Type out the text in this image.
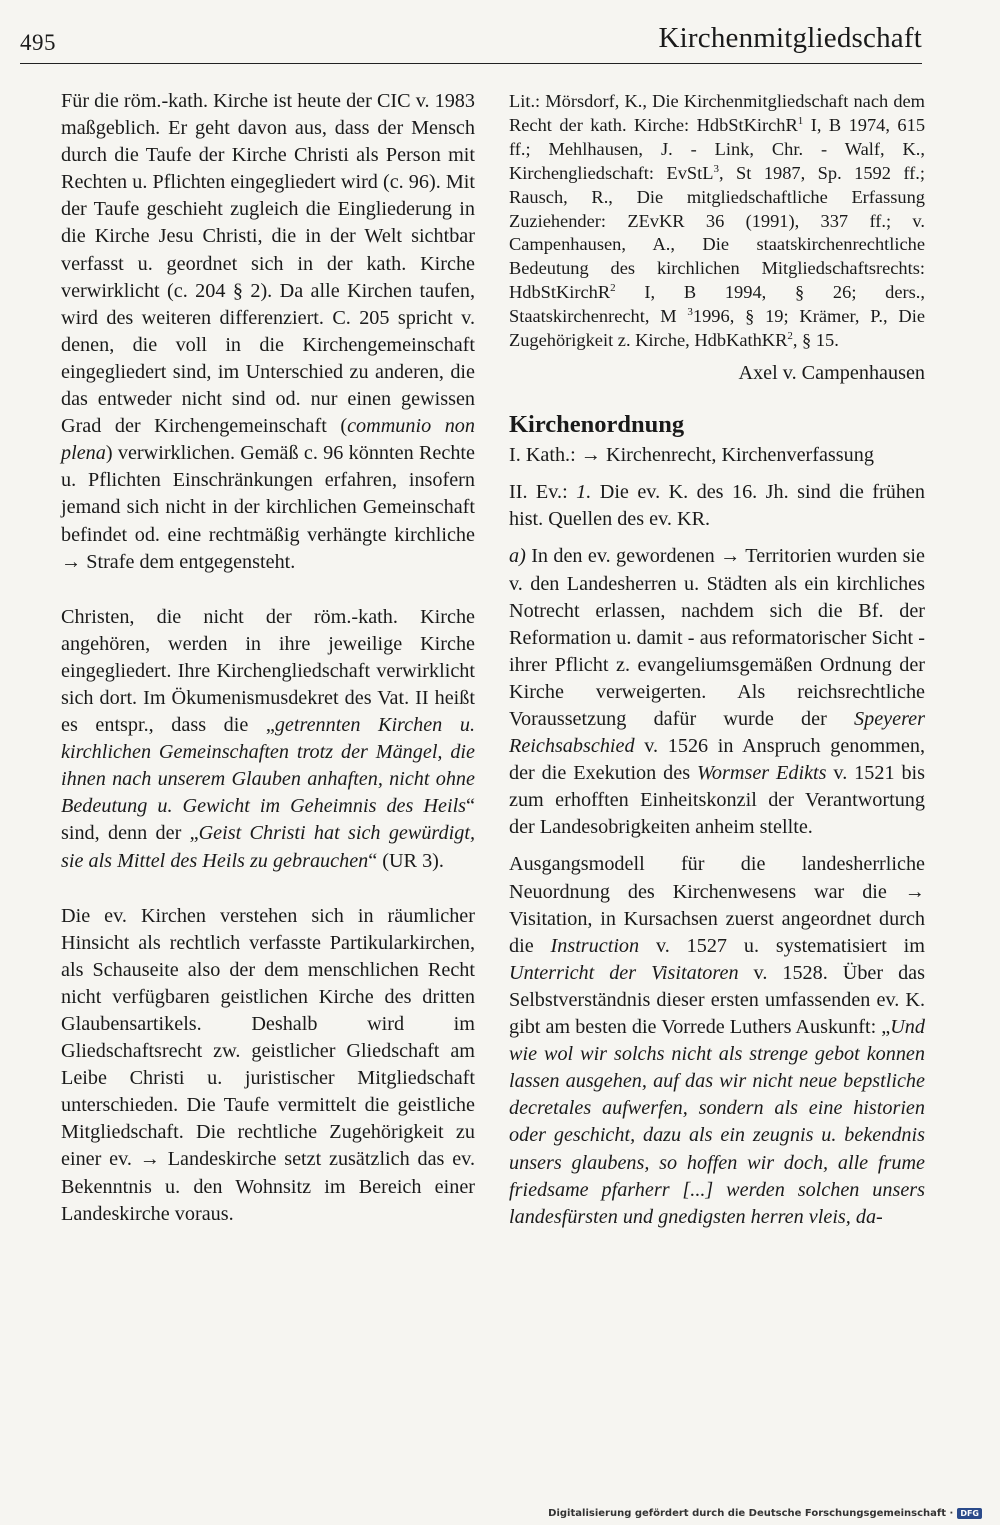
495	Kirchenmitgliedschaft

Für die röm.-kath. Kirche ist heute der CIC v. 1983 maßgeblich. Er geht davon aus, dass der Mensch durch die Taufe der Kirche Christi als Person mit Rechten u. Pflichten eingegliedert wird (c. 96). Mit der Taufe geschieht zugleich die Eingliederung in die Kirche Jesu Christi, die in der Welt sichtbar verfasst u. geordnet sich in der kath. Kirche verwirklicht (c. 204 § 2). Da alle Kirchen taufen, wird des weiteren differenziert. C. 205 spricht v. denen, die voll in die Kirchengemeinschaft eingegliedert sind, im Unterschied zu anderen, die das entweder nicht sind od. nur einen gewissen Grad der Kirchengemeinschaft (communio non plena) verwirklichen. Gemäß c. 96 könnten Rechte u. Pflichten Einschränkungen erfahren, insofern jemand sich nicht in der kirchlichen Gemeinschaft befindet od. eine rechtmäßig verhängte kirchliche → Strafe dem entgegensteht.

Christen, die nicht der röm.-kath. Kirche angehören, werden in ihre jeweilige Kirche eingegliedert. Ihre Kirchengliedschaft verwirklicht sich dort. Im Ökumenismusdekret des Vat. II heißt es entspr., dass die „getrennten Kirchen u. kirchlichen Gemeinschaften trotz der Mängel, die ihnen nach unserem Glauben anhaften, nicht ohne Bedeutung u. Gewicht im Geheimnis des Heils“ sind, denn der „Geist Christi hat sich gewürdigt, sie als Mittel des Heils zu gebrauchen“ (UR 3).

Die ev. Kirchen verstehen sich in räumlicher Hinsicht als rechtlich verfasste Partikularkirchen, als Schauseite also der dem menschlichen Recht nicht verfügbaren geistlichen Kirche des dritten Glaubensartikels. Deshalb wird im Gliedschaftsrecht zw. geistlicher Gliedschaft am Leibe Christi u. juristischer Mitgliedschaft unterschieden. Die Taufe vermittelt die geistliche Mitgliedschaft. Die rechtliche Zugehörigkeit zu einer ev. → Landeskirche setzt zusätzlich das ev. Bekenntnis u. den Wohnsitz im Bereich einer Landeskirche voraus.

Lit.: Mörsdorf, K., Die Kirchenmitgliedschaft nach dem Recht der kath. Kirche: HdbStKirchR$^1$ I, B 1974, 615 ff.; Mehlhausen, J. - Link, Chr. - Walf, K., Kirchengliedschaft: EvStL$^3$, St 1987, Sp. 1592 ff.; Rausch, R., Die mitgliedschaftliche Erfassung Zuziehender: ZEvKR 36 (1991), 337 ff.; v. Campenhausen, A., Die staatskirchenrechtliche Bedeutung des kirchlichen Mitgliedschaftsrechts: HdbStKirchR$^2$ I, B 1994, § 26; ders., Staatskirchenrecht, M $^3$1996, § 19; Krämer, P., Die Zugehörigkeit z. Kirche, HdbKathKR$^2$, § 15.

Axel v. Campenhausen

Kirchenordnung

I. Kath.: → Kirchenrecht, Kirchenverfassung

II. Ev.: 1. Die ev. K. des 16. Jh. sind die frühen hist. Quellen des ev. KR.

a) In den ev. gewordenen → Territorien wurden sie v. den Landesherren u. Städten als ein kirchliches Notrecht erlassen, nachdem sich die Bf. der Reformation u. damit - aus reformatorischer Sicht - ihrer Pflicht z. evangeliumsgemäßen Ordnung der Kirche verweigerten. Als reichsrechtliche Voraussetzung dafür wurde der Speyerer Reichsabschied v. 1526 in Anspruch genommen, der die Exekution des Wormser Edikts v. 1521 bis zum erhofften Einheitskonzil der Verantwortung der Landesobrigkeiten anheim stellte.

Ausgangsmodell für die landesherrliche Neuordnung des Kirchenwesens war die → Visitation, in Kursachsen zuerst angeordnet durch die Instruction v. 1527 u. systematisiert im Unterricht der Visitatoren v. 1528. Über das Selbstverständnis dieser ersten umfassenden ev. K. gibt am besten die Vorrede Luthers Auskunft: „Und wie wol wir solchs nicht als strenge gebot konnen lassen ausgehen, auf das wir nicht neue bepstliche decretales aufwerfen, sondern als eine historien oder geschicht, dazu als ein zeugnis u. bekendnis unsers glaubens, so hoffen wir doch, alle frume friedsame pfarherr [...] werden solchen unsers landesfürsten und gnedigsten herren vleis, da-

Digitalisierung gefördert durch die Deutsche Forschungsgemeinschaft · DFG
